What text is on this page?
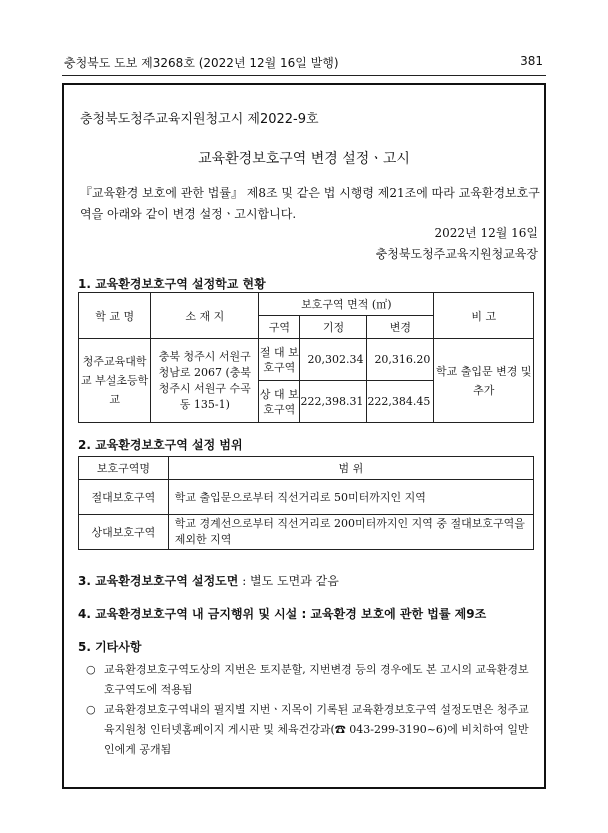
충청북도 도보 제3268호 (2022년 12월 16일 발행)	381
충청북도청주교육지원청고시 제2022-9호
교육환경보호구역 변경 설정ㆍ고시
『교육환경 보호에 관한 법률』 제8조 및 같은 법 시행령 제21조에 따라 교육환경보호구역을 아래와 같이 변경 설정ㆍ고시합니다.
2022년 12월 16일
충청북도청주교육지원청교육장
1. 교육환경보호구역 설정학교 현황
학 교 명	소 재 지	보호구역 면적 (㎡)			비 고
		구역	기정	변경	
청주교육대학교 부설초등학교	충북 청주시 서원구 청남로 2067 (충북 청주시 서원구 수곡동 135-1)	절 대 보호구역	20,302.34	20,316.20	학교 출입문 변경 및 추가
		상 대 보호구역	222,398.31	222,384.45	
2. 교육환경보호구역 설정 범위
보호구역명	범 위
절대보호구역	학교 출입문으로부터 직선거리로 50미터까지인 지역
상대보호구역	학교 경계선으로부터 직선거리로 200미터까지인 지역 중 절대보호구역을 제외한 지역
3. 교육환경보호구역 설정도면 : 별도 도면과 같음
4. 교육환경보호구역 내 금지행위 및 시설 : 교육환경 보호에 관한 법률 제9조
5. 기타사항
○ 교육환경보호구역도상의 지번은 토지분할, 지번변경 등의 경우에도 본 고시의 교육환경보호구역도에 적용됨
○ 교육환경보호구역내의 필지별 지번ㆍ지목이 기록된 교육환경보호구역 설정도면은 청주교육지원청 인터넷홈페이지 게시판 및 체육건강과(☎ 043-299-3190~6)에 비치하여 일반인에게 공개됨
